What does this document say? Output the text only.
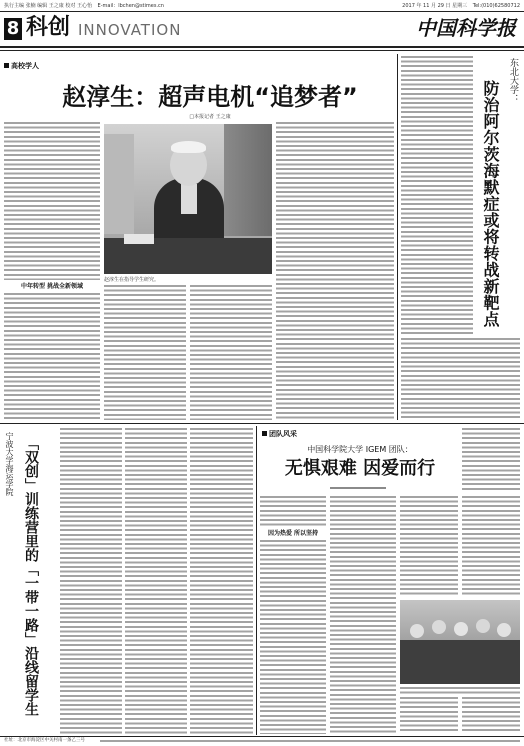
执行主编 张楠 编辑 王之康 校对 王心怡 E-mail：lbchen@stimes.cn	2017 年 11 月 29 日 星期三 Tel:(010)62580712
8 科创 INNOVATION	中国科学报
高校学人
赵淳生：超声电机“追梦者”
□本报记者 王之康
中年转型 挑战全新领域
赵淳生在指导学生研究。
东北大学：
防治阿尔茨海默症或将转战新靶点
宁波大学海运学院 「双创」训练营里的「一带一路」沿线留学生
团队风采
中国科学院大学 IGEM 团队：
无惧艰难 因爱而行
因为热爱 所以坚持
社址：北京市海淀区中关村南一条乙三号
